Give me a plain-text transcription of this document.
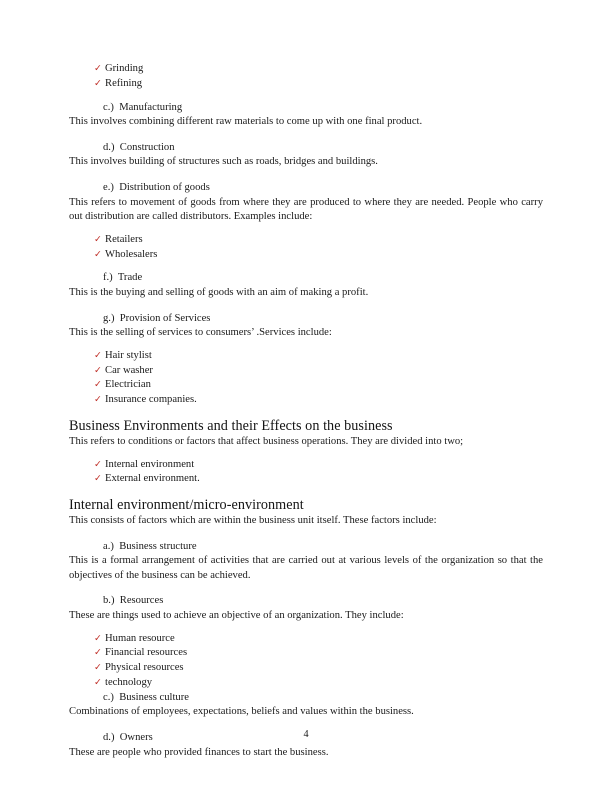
✓ Grinding
✓ Refining

c.) Manufacturing

This involves combining different raw materials to come up with one final product.

d.) Construction

This involves building of structures such as roads, bridges and buildings.

e.) Distribution of goods

This refers to movement of goods from where they are produced to where they are needed. People who carry out distribution are called distributors. Examples include:

✓ Retailers
✓ Wholesalers

f.) Trade

This is the buying and selling of goods with an aim of making a profit.

g.) Provision of Services

This is the selling of services to consumers’ .Services include:

✓ Hair stylist
✓ Car washer
✓ Electrician
✓ Insurance companies.
Business Environments and their Effects on the business

This refers to conditions or factors that affect business operations. They are divided into two;

✓ Internal environment
✓ External environment.
Internal environment/micro-environment

This consists of factors which are within the business unit itself. These factors include:

a.) Business structure

This is a formal arrangement of activities that are carried out at various levels of the organization so that the objectives of the business can be achieved.

b.) Resources

These are things used to achieve an objective of an organization. They include:

✓ Human resource
✓ Financial resources
✓ Physical resources
✓ technology

c.) Business culture

Combinations of employees, expectations, beliefs and values within the business.

d.) Owners

These are people who provided finances to start the business.

4
